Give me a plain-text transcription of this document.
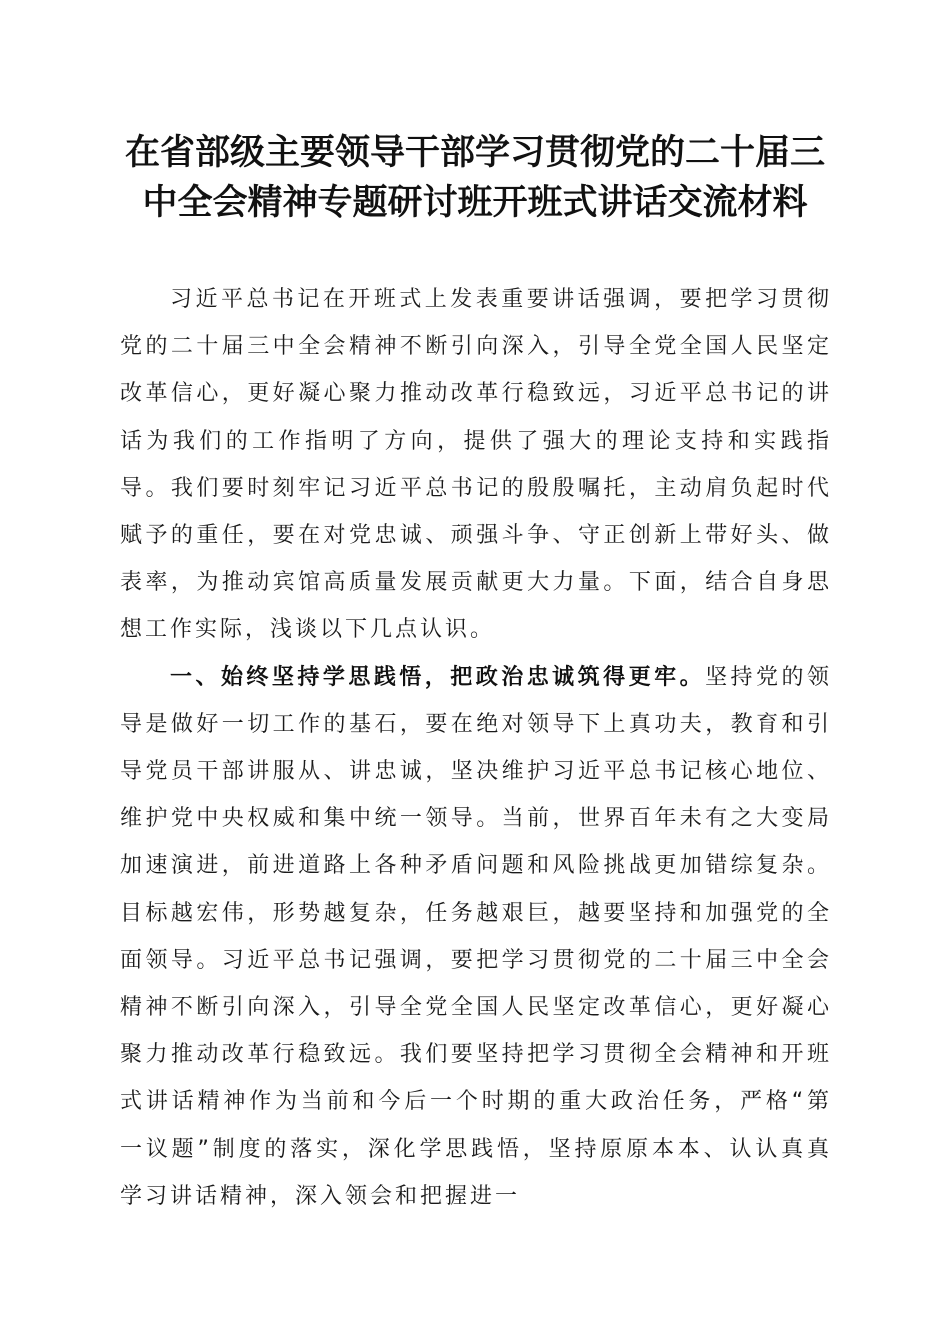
在省部级主要领导干部学习贯彻党的二十届三
中全会精神专题研讨班开班式讲话交流材料

习近平总书记在开班式上发表重要讲话强调，要把学习贯彻党的二十届三中全会精神不断引向深入，引导全党全国人民坚定改革信心，更好凝心聚力推动改革行稳致远，习近平总书记的讲话为我们的工作指明了方向，提供了强大的理论支持和实践指导。我们要时刻牢记习近平总书记的殷殷嘱托，主动肩负起时代赋予的重任，要在对党忠诚、顽强斗争、守正创新上带好头、做表率，为推动宾馆高质量发展贡献更大力量。下面，结合自身思想工作实际，浅谈以下几点认识。

一、始终坚持学思践悟，把政治忠诚筑得更牢。坚持党的领导是做好一切工作的基石，要在绝对领导下上真功夫，教育和引导党员干部讲服从、讲忠诚，坚决维护习近平总书记核心地位、维护党中央权威和集中统一领导。当前，世界百年未有之大变局加速演进，前进道路上各种矛盾问题和风险挑战更加错综复杂。目标越宏伟，形势越复杂，任务越艰巨，越要坚持和加强党的全面领导。习近平总书记强调，要把学习贯彻党的二十届三中全会精神不断引向深入，引导全党全国人民坚定改革信心，更好凝心聚力推动改革行稳致远。我们要坚持把学习贯彻全会精神和开班式讲话精神作为当前和今后一个时期的重大政治任务，严格“第一议题”制度的落实，深化学思践悟，坚持原原本本、认认真真学习讲话精神，深入领会和把握进一
